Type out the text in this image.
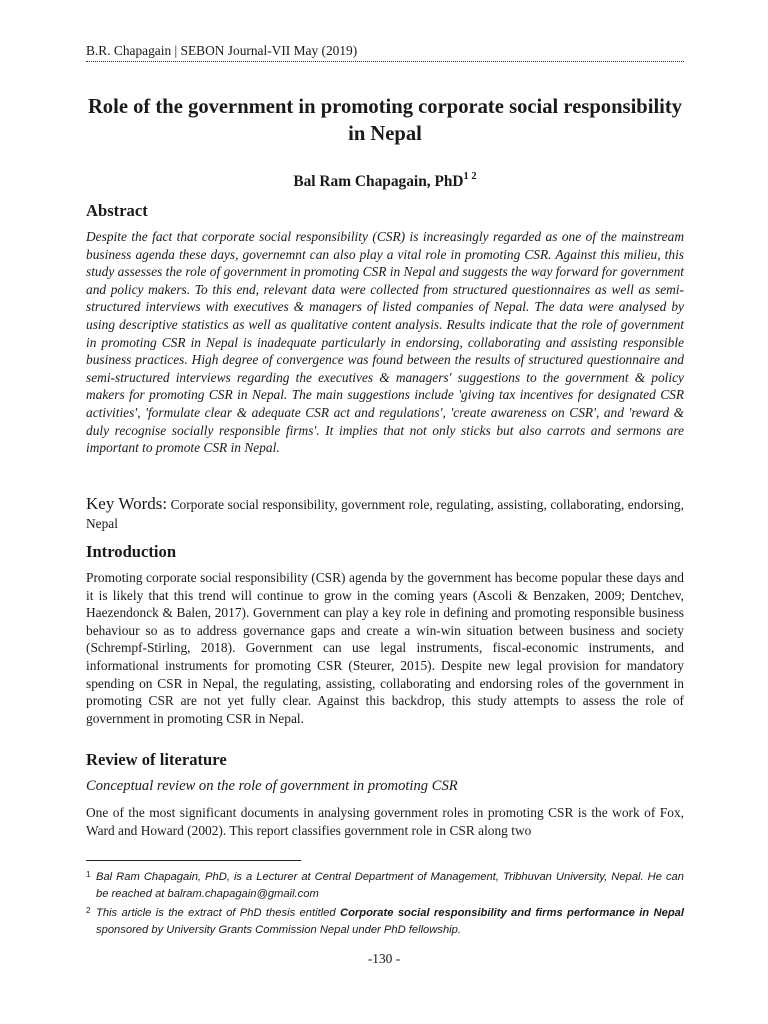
B.R. Chapagain | SEBON Journal-VII May (2019)
Role of the government in promoting corporate social responsibility in Nepal
Bal Ram Chapagain, PhD$^{1 2}$
Abstract
Despite the fact that corporate social responsibility (CSR) is increasingly regarded as one of the mainstream business agenda these days, governemnt can also play a vital role in promoting CSR. Against this milieu, this study assesses the role of government in promoting CSR in Nepal and suggests the way forward for government and policy makers. To this end, relevant data were collected from structured questionnaires as well as semi-structured interviews with executives & managers of listed companies of Nepal. The data were analysed by using descriptive statistics as well as qualitative content analysis. Results indicate that the role of government in promoting CSR in Nepal is inadequate particularly in endorsing, collaborating and assisting responsible business practices. High degree of convergence was found between the results of structured questionnaire and semi-structured interviews regarding the executives & managers' suggestions to the government & policy makers for promoting CSR in Nepal. The main suggestions include 'giving tax incentives for designated CSR activities', 'formulate clear & adequate CSR act and regulations', 'create awareness on CSR', and 'reward & duly recognise socially responsible firms'. It implies that not only sticks but also carrots and sermons are important to promote CSR in Nepal.
Key Words: Corporate social responsibility, government role, regulating, assisting, collaborating, endorsing, Nepal
Introduction
Promoting corporate social responsibility (CSR) agenda by the government has become popular these days and it is likely that this trend will continue to grow in the coming years (Ascoli & Benzaken, 2009; Dentchev, Haezendonck & Balen, 2017). Government can play a key role in defining and promoting responsible business behaviour so as to address governance gaps and create a win-win situation between business and society (Schrempf-Stirling, 2018). Government can use legal instruments, fiscal-economic instruments, and informational instruments for promoting CSR (Steurer, 2015). Despite new legal provision for mandatory spending on CSR in Nepal, the regulating, assisting, collaborating and endorsing roles of the government in promoting CSR are not yet fully clear. Against this backdrop, this study attempts to assess the role of government in promoting CSR in Nepal.
Review of literature
Conceptual review on the role of government in promoting CSR
One of the most significant documents in analysing government roles in promoting CSR is the work of Fox, Ward and Howard (2002). This report classifies government role in CSR along two
1 Bal Ram Chapagain, PhD, is a Lecturer at Central Department of Management, Tribhuvan University, Nepal. He can be reached at balram.chapagain@gmail.com
2 This article is the extract of PhD thesis entitled Corporate social responsibility and firms performance in Nepal sponsored by University Grants Commission Nepal under PhD fellowship.
-130 -
